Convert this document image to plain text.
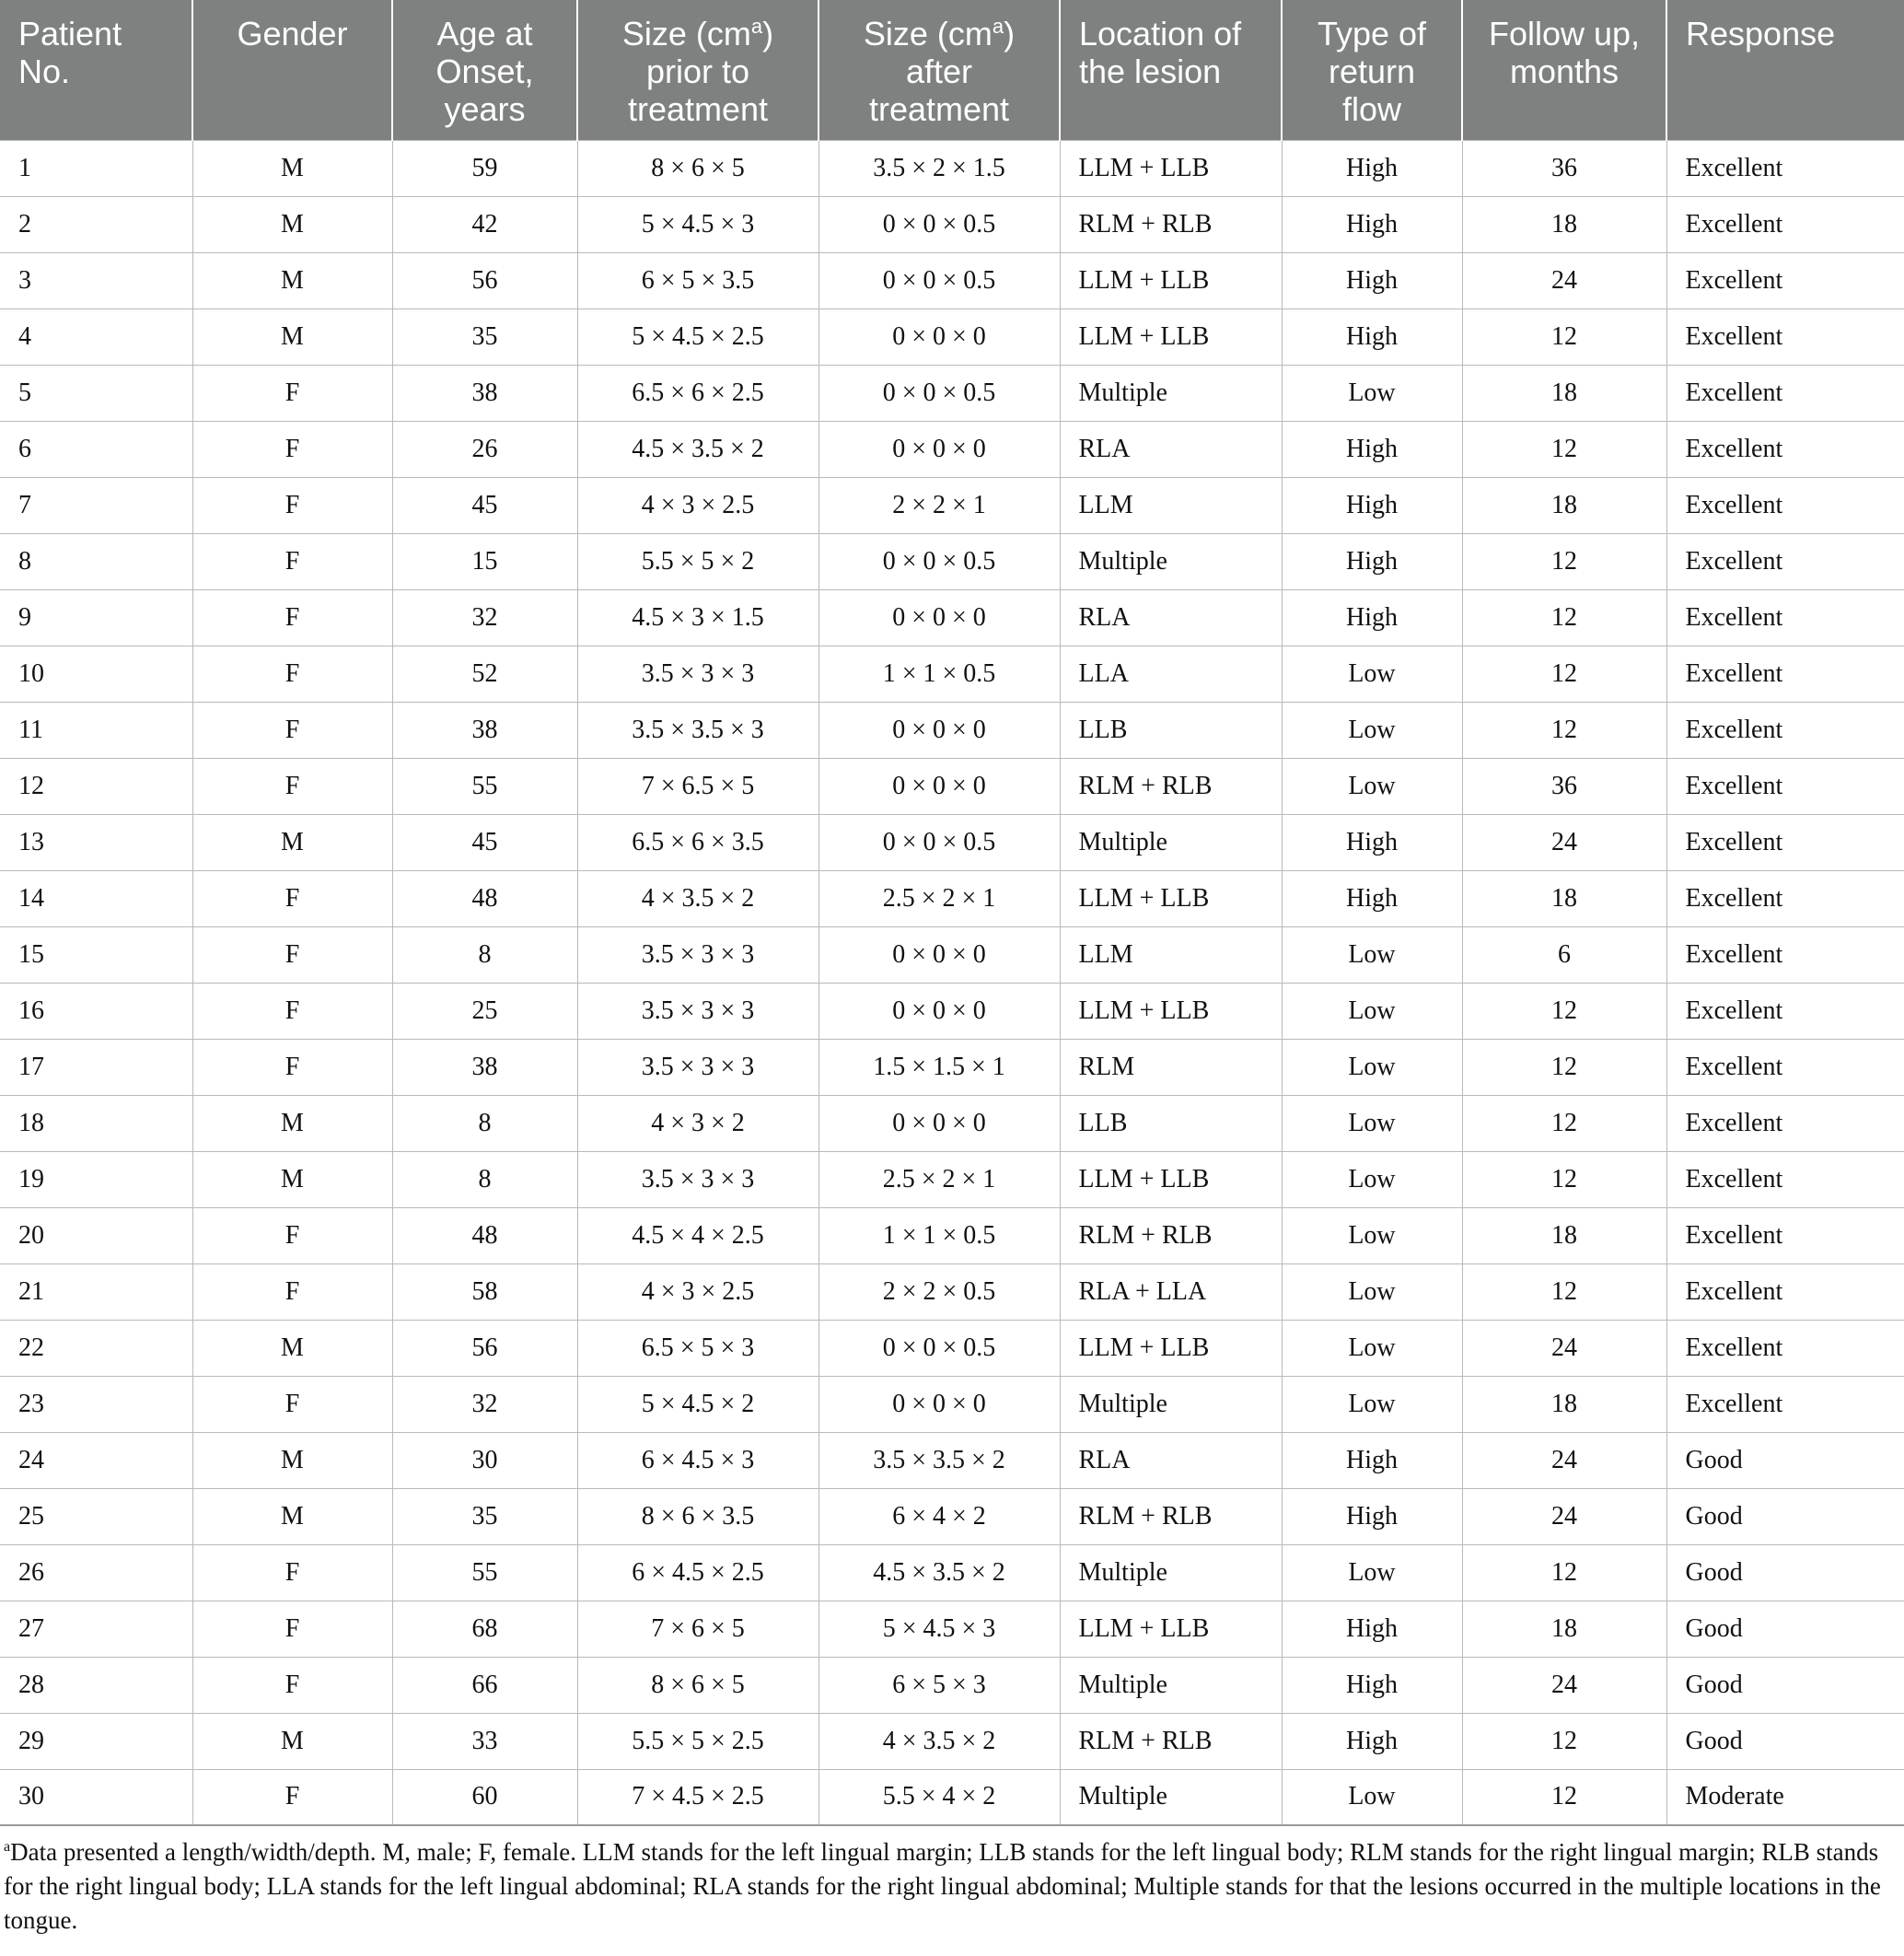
Patient No.	Gender	Age at Onset, years	Size $(cm^a)$ prior to treatment	Size $(cm^a)$ after treatment	Location of the lesion	Type of return flow	Follow up, months	Response
1	M	59	8 × 6 × 5	3.5 × 2 × 1.5	LLM + LLB	High	36	Excellent
2	M	42	5 × 4.5 × 3	0 × 0 × 0.5	RLM + RLB	High	18	Excellent
3	M	56	6 × 5 × 3.5	0 × 0 × 0.5	LLM + LLB	High	24	Excellent
4	M	35	5 × 4.5 × 2.5	0 × 0 × 0	LLM + LLB	High	12	Excellent
5	F	38	6.5 × 6 × 2.5	0 × 0 × 0.5	Multiple	Low	18	Excellent
6	F	26	4.5 × 3.5 × 2	0 × 0 × 0	RLA	High	12	Excellent
7	F	45	4 × 3 × 2.5	2 × 2 × 1	LLM	High	18	Excellent
8	F	15	5.5 × 5 × 2	0 × 0 × 0.5	Multiple	High	12	Excellent
9	F	32	4.5 × 3 × 1.5	0 × 0 × 0	RLA	High	12	Excellent
10	F	52	3.5 × 3 × 3	1 × 1 × 0.5	LLA	Low	12	Excellent
11	F	38	3.5 × 3.5 × 3	0 × 0 × 0	LLB	Low	12	Excellent
12	F	55	7 × 6.5 × 5	0 × 0 × 0	RLM + RLB	Low	36	Excellent
13	M	45	6.5 × 6 × 3.5	0 × 0 × 0.5	Multiple	High	24	Excellent
14	F	48	4 × 3.5 × 2	2.5 × 2 × 1	LLM + LLB	High	18	Excellent
15	F	8	3.5 × 3 × 3	0 × 0 × 0	LLM	Low	6	Excellent
16	F	25	3.5 × 3 × 3	0 × 0 × 0	LLM + LLB	Low	12	Excellent
17	F	38	3.5 × 3 × 3	1.5 × 1.5 × 1	RLM	Low	12	Excellent
18	M	8	4 × 3 × 2	0 × 0 × 0	LLB	Low	12	Excellent
19	M	8	3.5 × 3 × 3	2.5 × 2 × 1	LLM + LLB	Low	12	Excellent
20	F	48	4.5 × 4 × 2.5	1 × 1 × 0.5	RLM + RLB	Low	18	Excellent
21	F	58	4 × 3 × 2.5	2 × 2 × 0.5	RLA + LLA	Low	12	Excellent
22	M	56	6.5 × 5 × 3	0 × 0 × 0.5	LLM + LLB	Low	24	Excellent
23	F	32	5 × 4.5 × 2	0 × 0 × 0	Multiple	Low	18	Excellent
24	M	30	6 × 4.5 × 3	3.5 × 3.5 × 2	RLA	High	24	Good
25	M	35	8 × 6 × 3.5	6 × 4 × 2	RLM + RLB	High	24	Good
26	F	55	6 × 4.5 × 2.5	4.5 × 3.5 × 2	Multiple	Low	12	Good
27	F	68	7 × 6 × 5	5 × 4.5 × 3	LLM + LLB	High	18	Good
28	F	66	8 × 6 × 5	6 × 5 × 3	Multiple	High	24	Good
29	M	33	5.5 × 5 × 2.5	4 × 3.5 × 2	RLM + RLB	High	12	Good
30	F	60	7 × 4.5 × 2.5	5.5 × 4 × 2	Multiple	Low	12	Moderate

$^a$Data presented a length/width/depth. M, male; F, female. LLM stands for the left lingual margin; LLB stands for the left lingual body; RLM stands for the right lingual margin; RLB stands for the right lingual body; LLA stands for the left lingual abdominal; RLA stands for the right lingual abdominal; Multiple stands for that the lesions occurred in the multiple locations in the tongue.
